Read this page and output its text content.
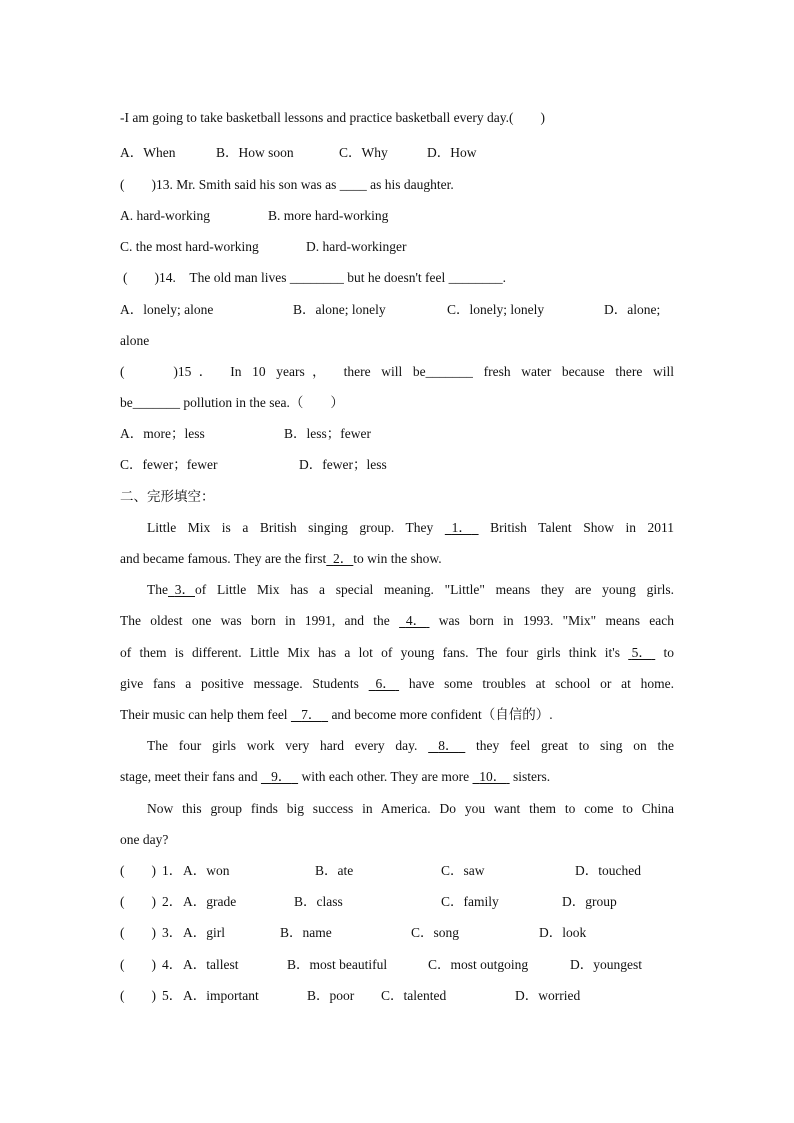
-I am going to take basketball lessons and practice basketball every day.(　　)
A．When	B．How soon	C．Why	D．How
(　　)13. Mr. Smith said his son was as ____ as his daughter.
A. hard-working	B. more hard-working
C. the most hard-working	D. hard-workinger
(　　)14.　The old man lives ________ but he doesn't feel ________.
A．lonely; alone	B．alone; lonely	C．lonely; lonely	D．alone;
alone
(　　)15． In 10 years， there will be_______ fresh water because there will
be_______ pollution in the sea.（　　）
A．more；less	B．less；fewer
C．fewer；fewer	D．fewer；less
二、完形填空：
Little Mix is a British singing group. They 1． British Talent Show in 2011
and became famous. They are the first 2．to win the show.
The 3．of Little Mix has a special meaning. "Little" means they are young girls.
The oldest one was born in 1991, and the 4． was born in 1993. "Mix" means each
of them is different. Little Mix has a lot of young fans. The four girls think it's 5． to
give fans a positive message. Students 6． have some troubles at school or at home.
Their music can help them feel 7． and become more confident（自信的）.
The four girls work very hard every day. 8． they feel great to sing on the
stage, meet their fans and 9． with each other. They are more 10． sisters.
Now this group finds big success in America. Do you want them to come to China
one day?
(　　) 1． A．won	B．ate	C．saw	D．touched
(　　) 2． A．grade	B．class	C．family	D．group
(　　) 3． A．girl	B．name	C．song	D．look
(　　) 4． A．tallest	B．most beautiful	C．most outgoing	D．youngest
(　　) 5． A．important	B．poor C．talented	D．worried
